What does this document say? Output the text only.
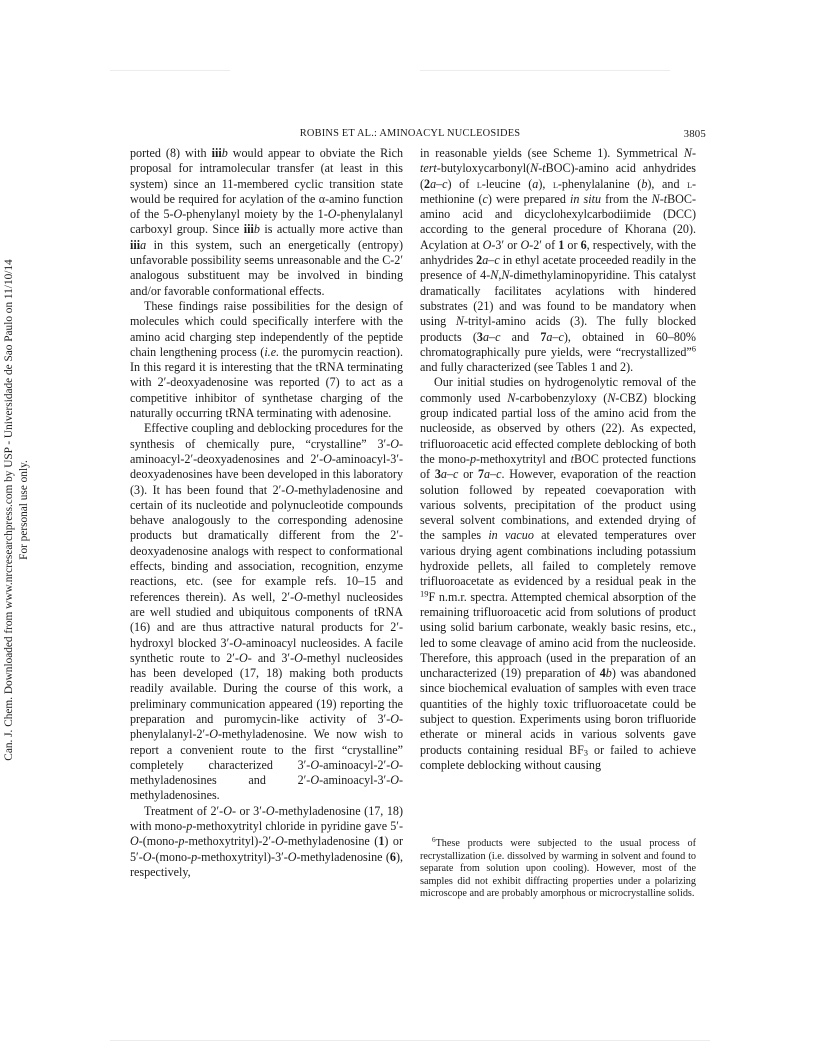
Can. J. Chem. Downloaded from www.nrcresearchpress.com by USP - Universidade de Sao Paulo on 11/10/14 For personal use only.
ROBINS ET AL.: AMINOACYL NUCLEOSIDES	3805

ported (8) with iiib would appear to obviate the Rich proposal for intramolecular transfer (at least in this system) since an 11-membered cyclic transition state would be required for acylation of the α-amino function of the 5-O-phenylanyl moiety by the 1-O-phenylalanyl carboxyl group. Since iiib is actually more active than iiia in this system, such an energetically (entropy) unfavorable possibility seems unreasonable and the C-2′ analogous substituent may be involved in binding and/or favorable conformational effects.

These findings raise possibilities for the design of molecules which could specifically interfere with the amino acid charging step independently of the peptide chain lengthening process (i.e. the puromycin reaction). In this regard it is interesting that the tRNA terminating with 2′-deoxyadenosine was reported (7) to act as a competitive inhibitor of synthetase charging of the naturally occurring tRNA terminating with adenosine.

Effective coupling and deblocking procedures for the synthesis of chemically pure, “crystalline” 3′-O-aminoacyl-2′-deoxyadenosines and 2′-O-aminoacyl-3′-deoxyadenosines have been developed in this laboratory (3). It has been found that 2′-O-methyladenosine and certain of its nucleotide and polynucleotide compounds behave analogously to the corresponding adenosine products but dramatically different from the 2′-deoxyadenosine analogs with respect to conformational effects, binding and association, recognition, enzyme reactions, etc. (see for example refs. 10–15 and references therein). As well, 2′-O-methyl nucleosides are well studied and ubiquitous components of tRNA (16) and are thus attractive natural products for 2′-hydroxyl blocked 3′-O-aminoacyl nucleosides. A facile synthetic route to 2′-O- and 3′-O-methyl nucleosides has been developed (17, 18) making both products readily available. During the course of this work, a preliminary communication appeared (19) reporting the preparation and puromycin-like activity of 3′-O-phenylalanyl-2′-O-methyladenosine. We now wish to report a convenient route to the first “crystalline” completely characterized 3′-O-aminoacyl-2′-O-methyladenosines and 2′-O-aminoacyl-3′-O-methyladenosines.

Treatment of 2′-O- or 3′-O-methyladenosine (17, 18) with mono-p-methoxytrityl chloride in pyridine gave 5′-O-(mono-p-methoxytrityl)-2′-O-methyladenosine (1) or 5′-O-(mono-p-methoxytrityl)-3′-O-methyladenosine (6), respectively,

in reasonable yields (see Scheme 1). Symmetrical N-tert-butyloxycarbonyl(N-tBOC)-amino acid anhydrides (2a–c) of l-leucine (a), l-phenylalanine (b), and l-methionine (c) were prepared in situ from the N-tBOC-amino acid and dicyclohexylcarbodiimide (DCC) according to the general procedure of Khorana (20). Acylation at O-3′ or O-2′ of 1 or 6, respectively, with the anhydrides 2a–c in ethyl acetate proceeded readily in the presence of 4-N,N-dimethylaminopyridine. This catalyst dramatically facilitates acylations with hindered substrates (21) and was found to be mandatory when using N-trityl-amino acids (3). The fully blocked products (3a–c and 7a–c), obtained in 60–80% chromatographically pure yields, were “recrystallized”$^6$ and fully characterized (see Tables 1 and 2).

Our initial studies on hydrogenolytic removal of the commonly used N-carbobenzyloxy (N-CBZ) blocking group indicated partial loss of the amino acid from the nucleoside, as observed by others (22). As expected, trifluoroacetic acid effected complete deblocking of both the mono-p-methoxytrityl and tBOC protected functions of 3a–c or 7a–c. However, evaporation of the reaction solution followed by repeated coevaporation with various solvents, precipitation of the product using several solvent combinations, and extended drying of the samples in vacuo at elevated temperatures over various drying agent combinations including potassium hydroxide pellets, all failed to completely remove trifluoroacetate as evidenced by a residual peak in the $^{19}$F n.m.r. spectra. Attempted chemical absorption of the remaining trifluoroacetic acid from solutions of product using solid barium carbonate, weakly basic resins, etc., led to some cleavage of amino acid from the nucleoside. Therefore, this approach (used in the preparation of an uncharacterized (19) preparation of 4b) was abandoned since biochemical evaluation of samples with even trace quantities of the highly toxic trifluoroacetate could be subject to question. Experiments using boron trifluoride etherate or mineral acids in various solvents gave products containing residual $BF_3$ or failed to achieve complete deblocking without causing

$^6$These products were subjected to the usual process of recrystallization (i.e. dissolved by warming in solvent and found to separate from solution upon cooling). However, most of the samples did not exhibit diffracting properties under a polarizing microscope and are probably amorphous or microcrystalline solids.
